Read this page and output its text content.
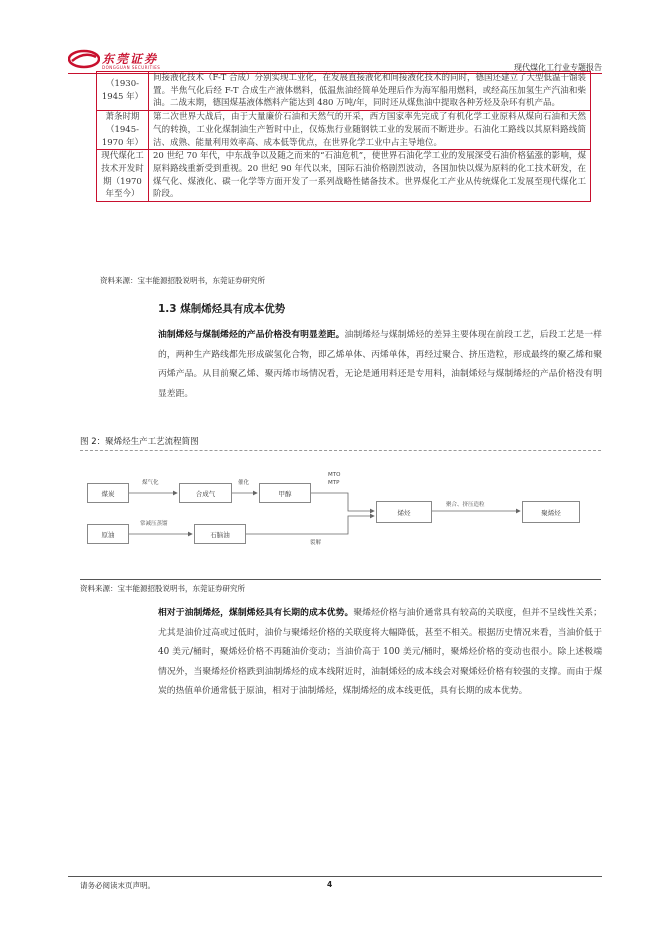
东莞证券
DONGGUAN SECURITIES	现代煤化工行业专题报告
（1930-1945 年）	间接液化技术（F-T 合成）分别实现工业化，在发展直接液化和间接液化技术的同时，德国还建立了大型低温干馏装置。半焦气化后经 F-T 合成生产液体燃料，低温焦油经简单处理后作为海军船用燃料，或经高压加氢生产汽油和柴油。二战末期，德国煤基液体燃料产能达到 480 万吨/年，同时还从煤焦油中提取各种芳烃及杂环有机产品。
萧条时期（1945-1970 年）	第二次世界大战后，由于大量廉价石油和天然气的开采，西方国家率先完成了有机化学工业原料从煤向石油和天然气的转换，工业化煤制油生产暂时中止，仅炼焦行业随钢铁工业的发展而不断进步。石油化工路线以其原料路线简洁、成熟、能量利用效率高、成本低等优点，在世界化学工业中占主导地位。
现代煤化工技术开发时期（1970 年至今）	20 世纪 70 年代，中东战争以及随之而来的“石油危机”，使世界石油化学工业的发展深受石油价格猛涨的影响，煤原料路线重新受到重视。20 世纪 90 年代以来，国际石油价格剧烈波动，各国加快以煤为原料的化工技术研发，在煤气化、煤液化、碳一化学等方面开发了一系列战略性储备技术。世界煤化工产业从传统煤化工发展至现代煤化工阶段。
资料来源：宝丰能源招股说明书，东莞证券研究所
1.3 煤制烯烃具有成本优势
油制烯烃与煤制烯烃的产品价格没有明显差距。油制烯烃与煤制烯烃的差异主要体现在前段工艺，后段工艺是一样的，两种生产路线都先形成碳氢化合物，即乙烯单体、丙烯单体，再经过聚合、挤压造粒，形成最终的聚乙烯和聚丙烯产品。从目前聚乙烯、聚丙烯市场情况看，无论是通用料还是专用料，油制烯烃与煤制烯烃的产品价格没有明显差距。
图 2：聚烯烃生产工艺流程简图
煤炭	合成气	甲醇
烯烃	聚烯烃
原油	石脑油
煤气化	催化
MTO
MTP
聚合、挤压造粒
常减压蒸馏
裂解
资料来源：宝丰能源招股说明书，东莞证券研究所
相对于油制烯烃，煤制烯烃具有长期的成本优势。聚烯烃价格与油价通常具有较高的关联度，但并不呈线性关系；尤其是油价过高或过低时，油价与聚烯烃价格的关联度将大幅降低，甚至不相关。根据历史情况来看，当油价低于 40 美元/桶时，聚烯烃价格不再随油价变动；当油价高于 100 美元/桶时，聚烯烃价格的变动也很小。除上述极端情况外，当聚烯烃价格跌到油制烯烃的成本线附近时，油制烯烃的成本线会对聚烯烃价格有较强的支撑。而由于煤炭的热值单价通常低于原油，相对于油制烯烃，煤制烯烃的成本线更低，具有长期的成本优势。
请务必阅读末页声明。	4
